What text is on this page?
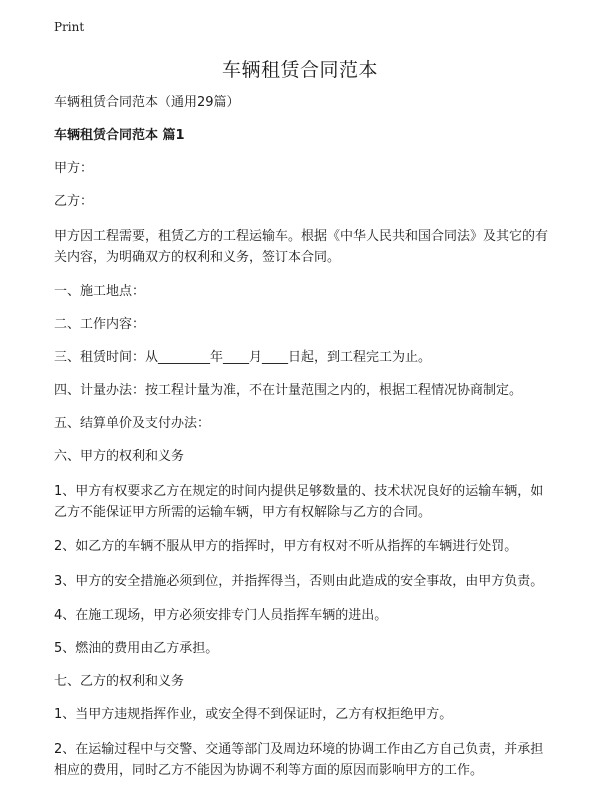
Print
车辆租赁合同范本

车辆租赁合同范本（通用29篇）

车辆租赁合同范本 篇1

甲方：

乙方：

甲方因工程需要，租赁乙方的工程运输车。根据《中华人民共和国合同法》及其它的有关内容，为明确双方的权利和义务，签订本合同。

一、施工地点：

二、工作内容：

三、租赁时间：从________年____月____日起，到工程完工为止。

四、计量办法：按工程计量为准，不在计量范围之内的，根据工程情况协商制定。

五、结算单价及支付办法：

六、甲方的权利和义务

1、甲方有权要求乙方在规定的时间内提供足够数量的、技术状况良好的运输车辆，如乙方不能保证甲方所需的运输车辆，甲方有权解除与乙方的合同。

2、如乙方的车辆不服从甲方的指挥时，甲方有权对不听从指挥的车辆进行处罚。

3、甲方的安全措施必须到位，并指挥得当，否则由此造成的安全事故，由甲方负责。

4、在施工现场，甲方必须安排专门人员指挥车辆的进出。

5、燃油的费用由乙方承担。

七、乙方的权利和义务

1、当甲方违规指挥作业，或安全得不到保证时，乙方有权拒绝甲方。

2、在运输过程中与交警、交通等部门及周边环境的协调工作由乙方自己负责，并承担相应的费用，同时乙方不能因为协调不利等方面的原因而影响甲方的工作。
